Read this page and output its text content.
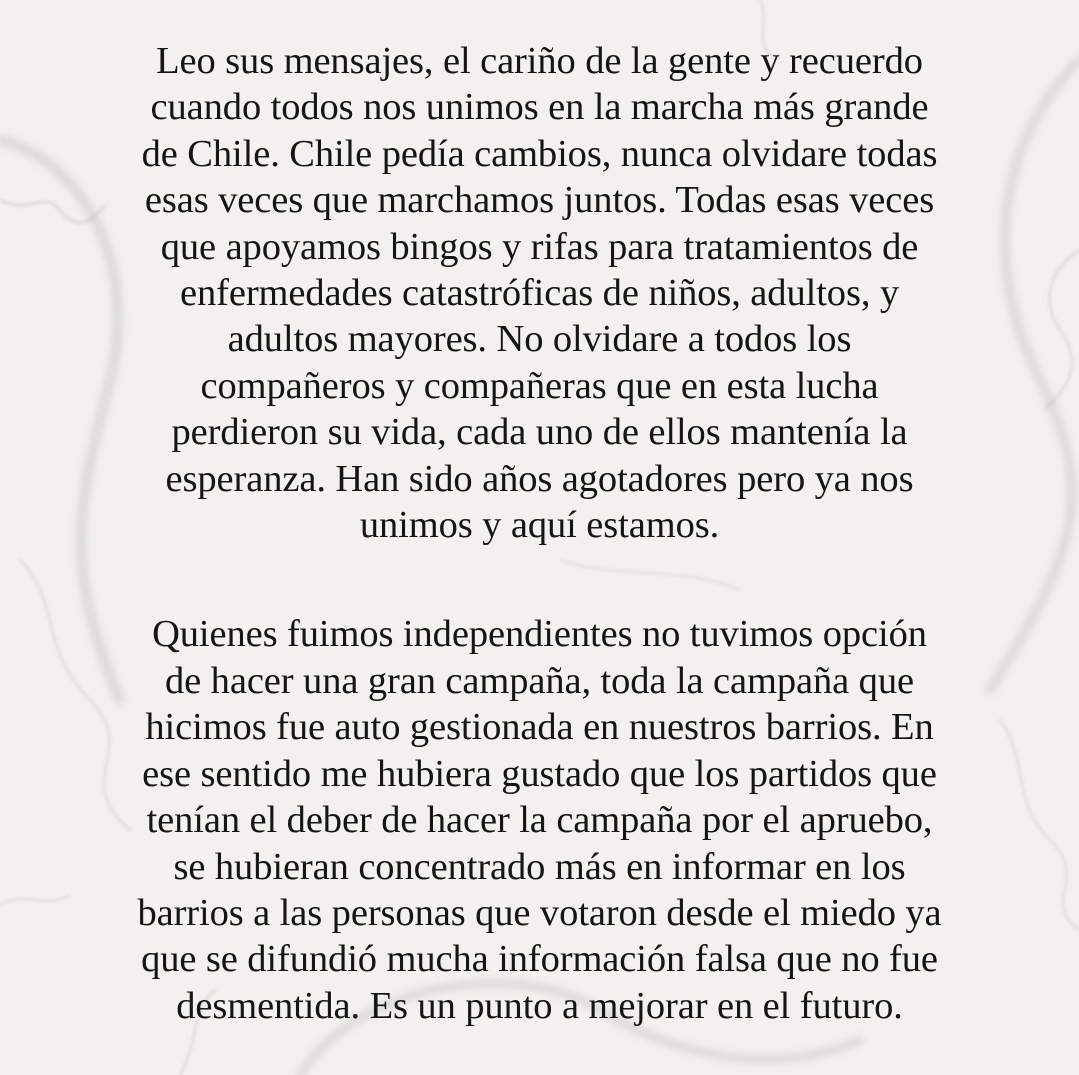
Leo sus mensajes, el cariño de la gente y recuerdo
cuando todos nos unimos en la marcha más grande
de Chile. Chile pedía cambios, nunca olvidare todas
esas veces que marchamos juntos. Todas esas veces
que apoyamos bingos y rifas para tratamientos de
enfermedades catastróficas de niños, adultos, y
adultos mayores. No olvidare a todos los
compañeros y compañeras que en esta lucha
perdieron su vida, cada uno de ellos mantenía la
esperanza. Han sido años agotadores pero ya nos
unimos y aquí estamos.

Quienes fuimos independientes no tuvimos opción
de hacer una gran campaña, toda la campaña que
hicimos fue auto gestionada en nuestros barrios. En
ese sentido me hubiera gustado que los partidos que
tenían el deber de hacer la campaña por el apruebo,
se hubieran concentrado más en informar en los
barrios a las personas que votaron desde el miedo ya
que se difundió mucha información falsa que no fue
desmentida. Es un punto a mejorar en el futuro.
